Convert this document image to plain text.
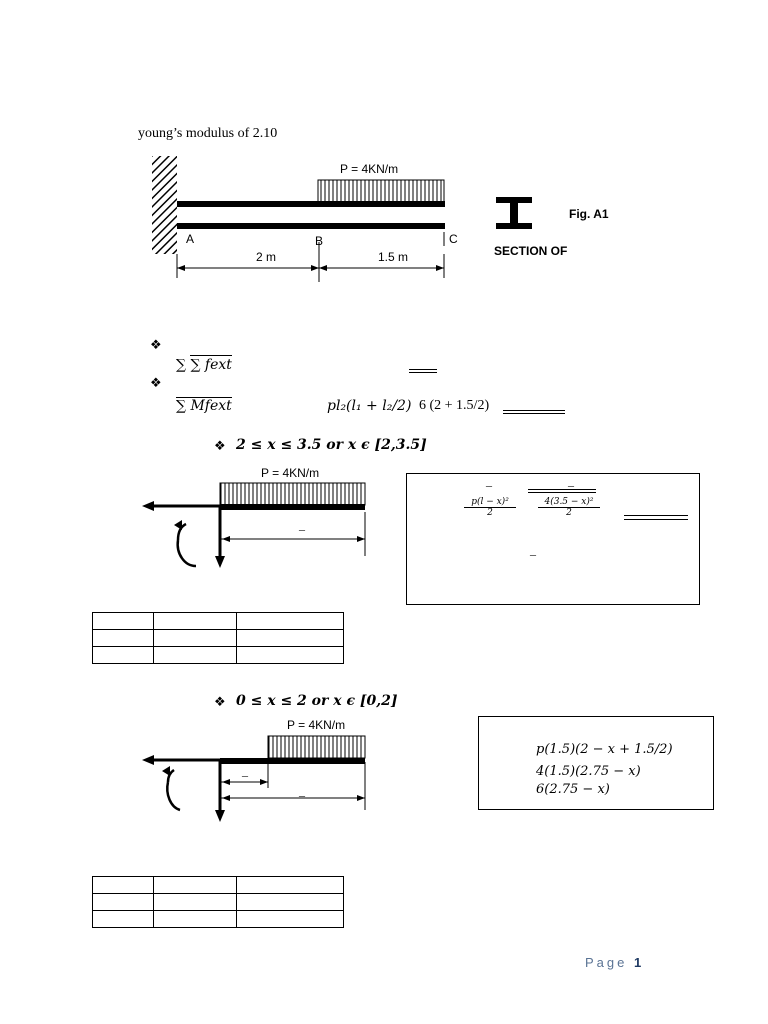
young’s modulus of 2.10
P = 4KN/m
A	B	C
2 m	1.5 m
Fig. A1
SECTION OF
❖
∑ ∑ fext
❖
∑ Mfext	pl₂(l₁ + l₂/2) 6 (2 + 1.5/2)
❖ 2 ≤ x ≤ 3.5 or x ϵ [2,3.5]
P = 4KN/m
_
_	_
$\frac{\text{p(l − x)²}}{2} \frac{\text{4(3.5 − x)²}}{2}$	_
_

❖ 0 ≤ x ≤ 2 or x ϵ [0,2]
P = 4KN/m
_
_
p(1.5)(2 − x + 1.5/2)
4(1.5)(2.75 − x)
6(2.75 − x)

Page 1
